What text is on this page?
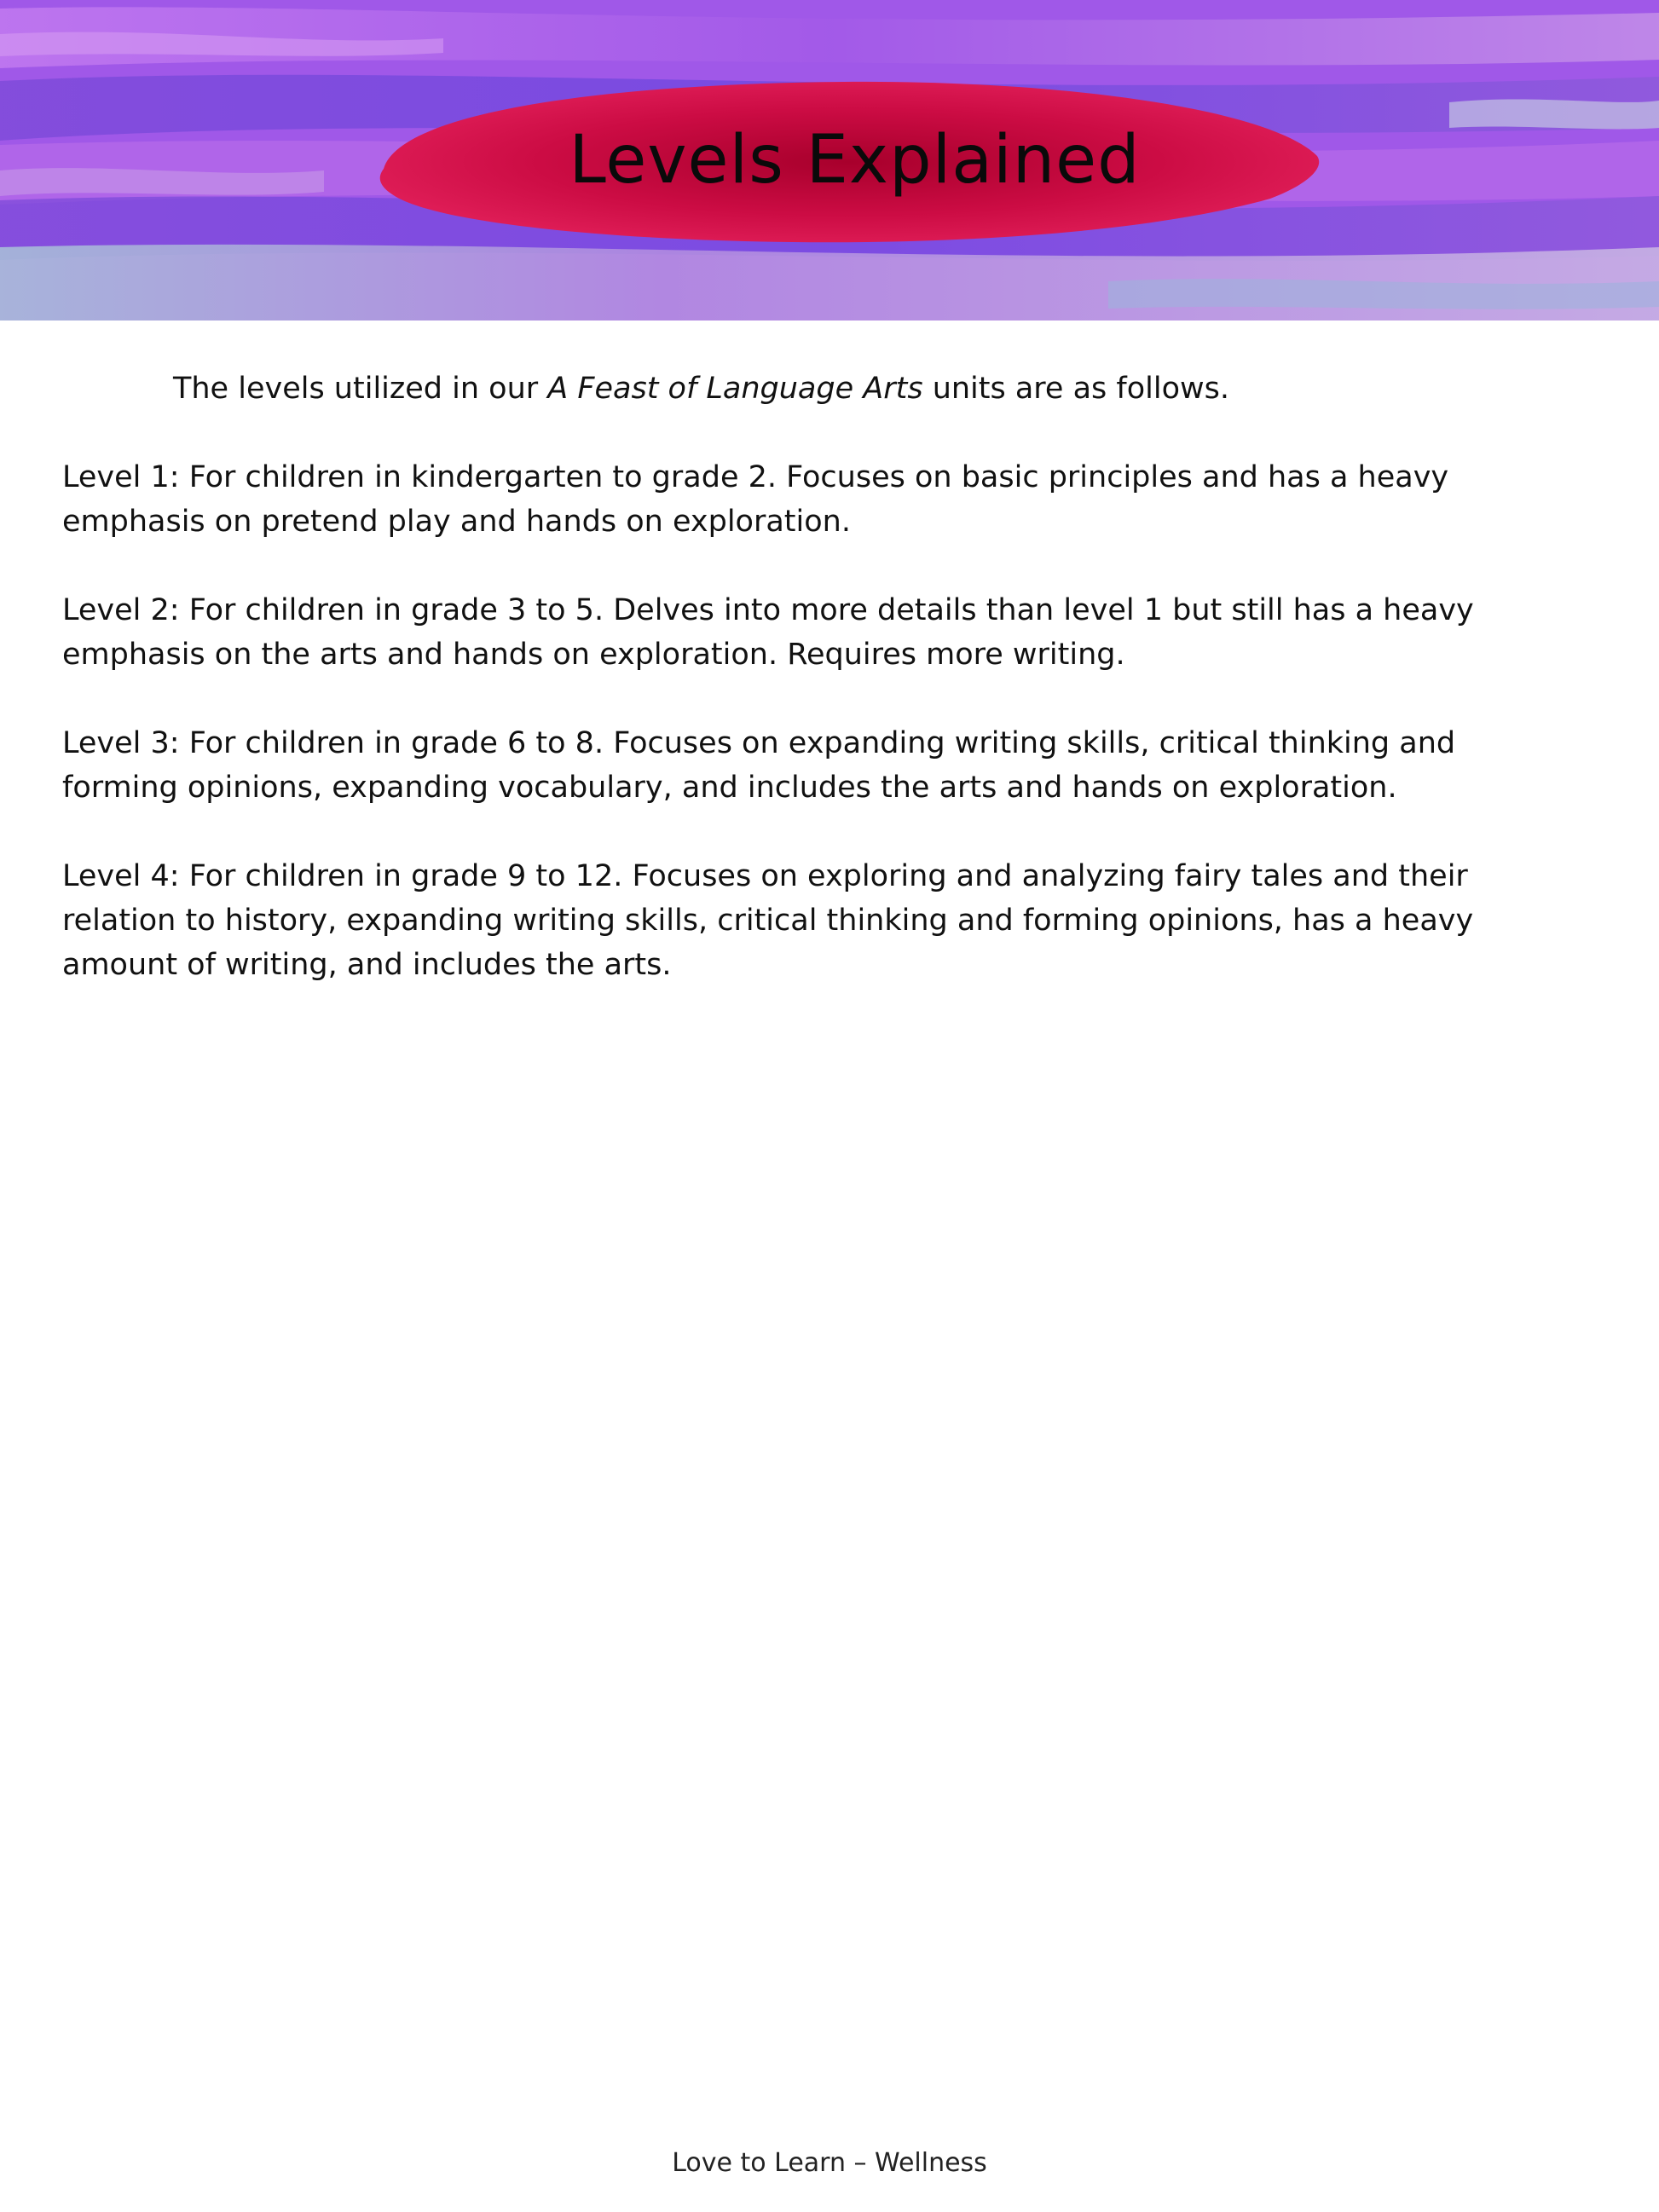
Levels Explained

The levels utilized in our A Feast of Language Arts units are as follows.

Level 1: For children in kindergarten to grade 2. Focuses on basic principles and has a heavy emphasis on pretend play and hands on exploration.

Level 2: For children in grade 3 to 5. Delves into more details than level 1 but still has a heavy emphasis on the arts and hands on exploration. Requires more writing.

Level 3: For children in grade 6 to 8. Focuses on expanding writing skills, critical thinking and forming opinions, expanding vocabulary, and includes the arts and hands on exploration.

Level 4: For children in grade 9 to 12. Focuses on exploring and analyzing fairy tales and their relation to history, expanding writing skills, critical thinking and forming opinions, has a heavy amount of writing, and includes the arts.

Love to Learn – Wellness
